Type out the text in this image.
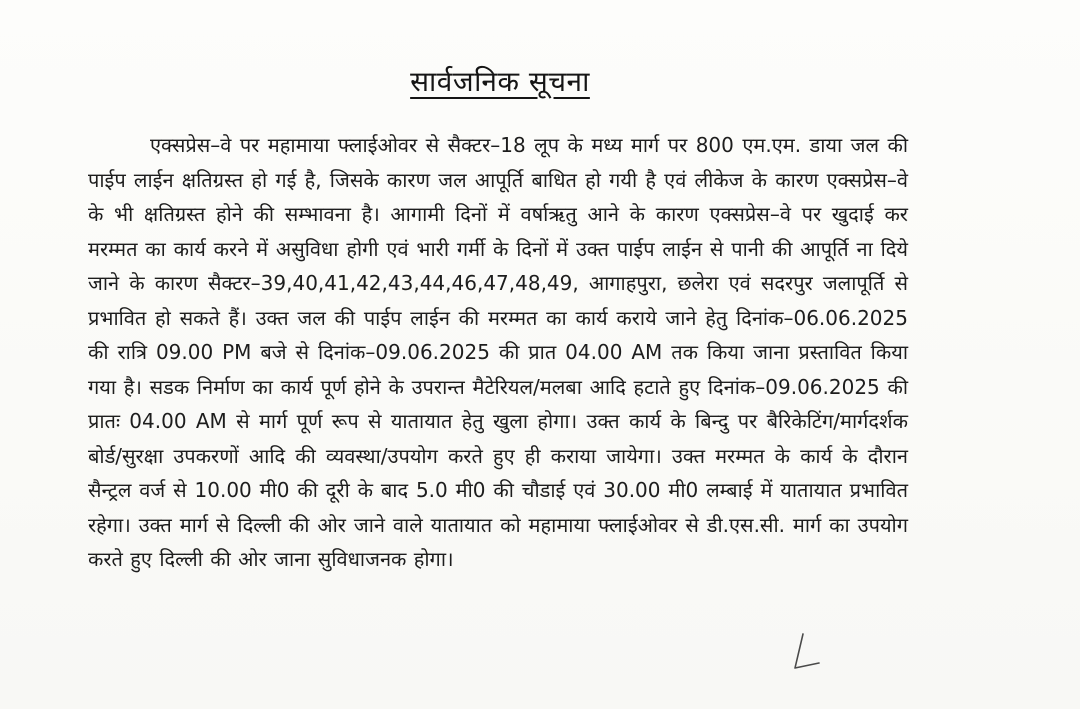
सार्वजनिक सूचना

एक्सप्रेस–वे पर महामाया फ्लाईओवर से सैक्टर–18 लूप के मध्य मार्ग पर 800 एम.एम. डाया जल की पाईप लाईन क्षतिग्रस्त हो गई है, जिसके कारण जल आपूर्ति बाधित हो गयी है एवं लीकेज के कारण एक्सप्रेस–वे के भी क्षतिग्रस्त होने की सम्भावना है। आगामी दिनों में वर्षाऋतु आने के कारण एक्सप्रेस–वे पर खुदाई कर मरम्मत का कार्य करने में असुविधा होगी एवं भारी गर्मी के दिनों में उक्त पाईप लाईन से पानी की आपूर्ति ना दिये जाने के कारण सैक्टर–39,40,41,42,43,44,46,47,48,49, आगाहपुरा, छलेरा एवं सदरपुर जलापूर्ति से प्रभावित हो सकते हैं। उक्त जल की पाईप लाईन की मरम्मत का कार्य कराये जाने हेतु दिनांक–06.06.2025 की रात्रि 09.00 PM बजे से दिनांक–09.06.2025 की प्रात 04.00 AM तक किया जाना प्रस्तावित किया गया है। सडक निर्माण का कार्य पूर्ण होने के उपरान्त मैटेरियल/मलबा आदि हटाते हुए दिनांक–09.06.2025 की प्रातः 04.00 AM से मार्ग पूर्ण रूप से यातायात हेतु खुला होगा। उक्त कार्य के बिन्दु पर बैरिकेटिंग/मार्गदर्शक बोर्ड/सुरक्षा उपकरणों आदि की व्यवस्था/उपयोग करते हुए ही कराया जायेगा। उक्त मरम्मत के कार्य के दौरान सैन्ट्रल वर्ज से 10.00 मी0 की दूरी के बाद 5.0 मी0 की चौडाई एवं 30.00 मी0 लम्बाई में यातायात प्रभावित रहेगा। उक्त मार्ग से दिल्ली की ओर जाने वाले यातायात को महामाया फ्लाईओवर से डी.एस.सी. मार्ग का उपयोग करते हुए दिल्ली की ओर जाना सुविधाजनक होगा।
